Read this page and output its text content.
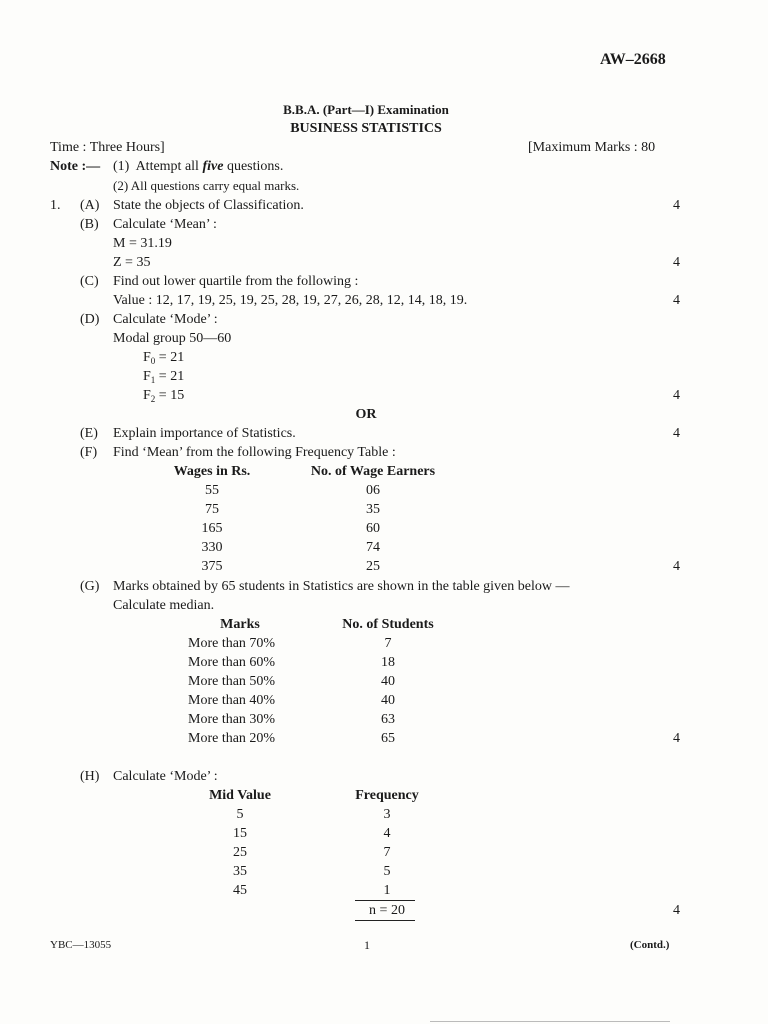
AW–2668
B.B.A. (Part—I) Examination
BUSINESS STATISTICS
Time : Three Hours]	[Maximum Marks : 80
Note :— (1) Attempt all five questions.
(2) All questions carry equal marks.
1. (A) State the objects of Classification.	4
(B) Calculate ‘Mean’ :
M = 31.19
Z = 35	4
(C) Find out lower quartile from the following :
Value : 12, 17, 19, 25, 19, 25, 28, 19, 27, 26, 28, 12, 14, 18, 19.	4
(D) Calculate ‘Mode’ :
Modal group 50—60
$F_0 = 21$
$F_1 = 21$
$F_2 = 15$	4
OR
(E) Explain importance of Statistics.	4
(F) Find ‘Mean’ from the following Frequency Table :
Wages in Rs.	No. of Wage Earners
55	06
75	35
165	60
330	74
375	25	4
(G) Marks obtained by 65 students in Statistics are shown in the table given below —
Calculate median.
Marks	No. of Students
More than 70%	7
More than 60%	18
More than 50%	40
More than 40%	40
More than 30%	63
More than 20%	65	4
(H) Calculate ‘Mode’ :
Mid Value	Frequency
5	3
15	4
25	7
35	5
45	1
n = 20	4
YBC—13055	1	(Contd.)
